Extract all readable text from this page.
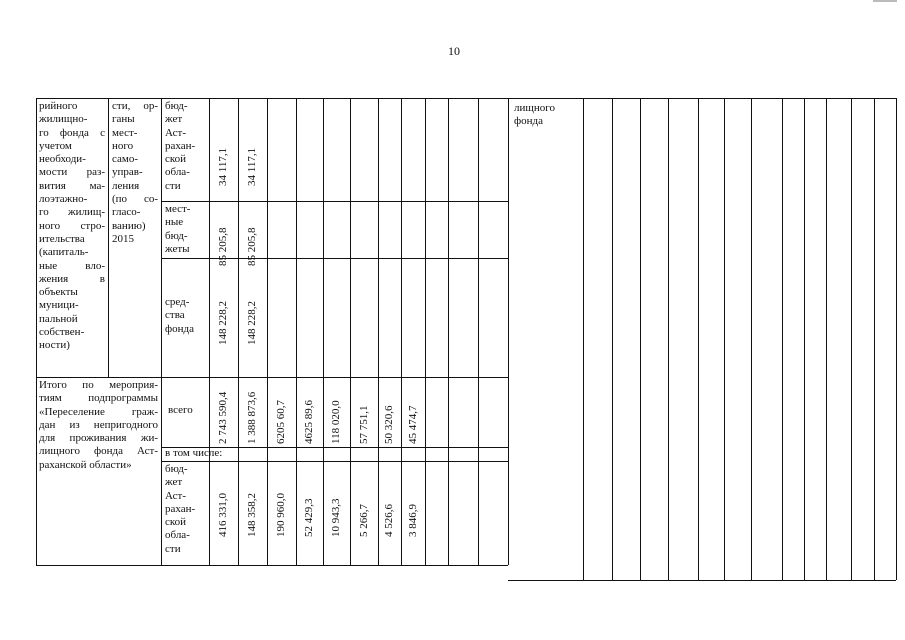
10
рийного
жилищно-
го фонда с
учетом
необходи-
мости раз-
вития ма-
лоэтажно-
го жилищ-
ного стро-
ительства
(капиталь-
ные вло-
жения в
объекты
муници-
пальной
собствен-
ности)
сти, ор-
ганы
мест-
ного
само-
управ-
ления
(по со-
гласо-
ванию)
2015
бюд-
жет
Аст-
рахан-
ской
обла-
сти
34 117,1 34 117,1
мест-
ные
бюд-
жеты	85 205,8 85 205,8
сред-
ства
фонда	148 228,2 148 228,2
лищного
фонда
Итого по мероприя-
тиям подпрограммы
«Переселение граж-
дан из непригодного
для проживания жи-
лищного фонда Аст-
раханской области»
всего 2 743 590,4 1 388 873,6 6205 60,7 4625 89,6 118 020,0 57 751,1 50 320,6 45 474,7
в том числе:
бюд-
жет
Аст-
рахан-
ской
обла-
сти
416 331,0 148 358,2 190 960,0 52 429,3 10 943,3 5 266,7 4 526,6 3 846,9
